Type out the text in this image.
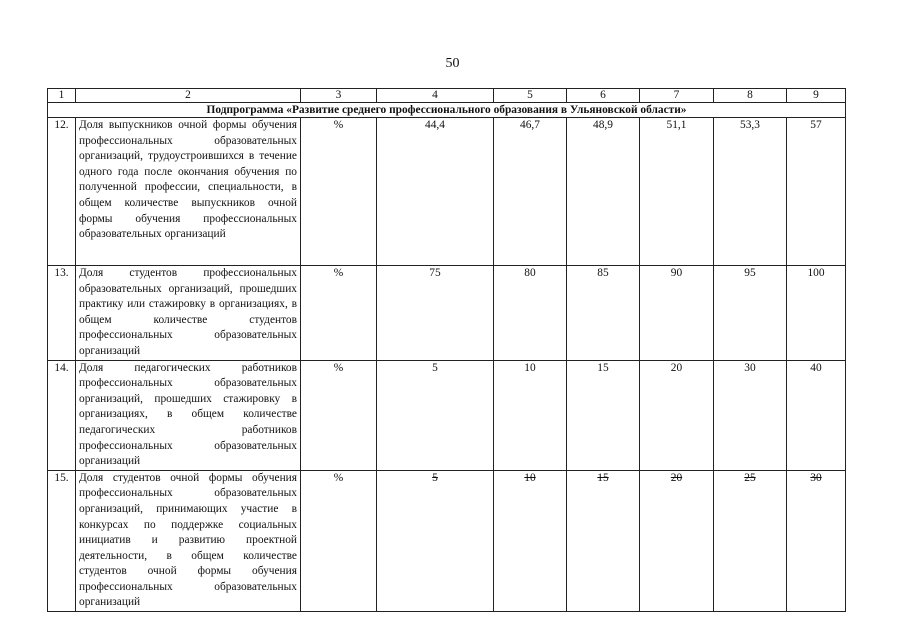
50
1	2	3	4	5	6	7	8	9
Подпрограмма «Развитие среднего профессионального образования в Ульяновской области»								
12.	Доля выпускников очной формы обучения профессиональных образовательных организаций, трудоустроившихся в течение одного года после окончания обучения по полученной профессии, специальности, в общем количестве выпускников очной формы обучения профессиональных образовательных организаций	%	44,4	46,7	48,9	51,1	53,3	57
13.	Доля студентов профессиональных образовательных организаций, прошедших практику или стажировку в организациях, в общем количестве студентов профессиональных образовательных организаций	%	75	80	85	90	95	100
14.	Доля педагогических работников профессиональных образовательных организаций, прошедших стажировку в организациях, в общем количестве педагогических работников профессиональных образовательных организаций	%	5	10	15	20	30	40
15.	Доля студентов очной формы обучения профессиональных образовательных организаций, принимающих участие в конкурсах по поддержке социальных инициатив и развитию проектной деятельности, в общем количестве студентов очной формы обучения профессиональных образовательных организаций	%	5	10	15	20	25	30
